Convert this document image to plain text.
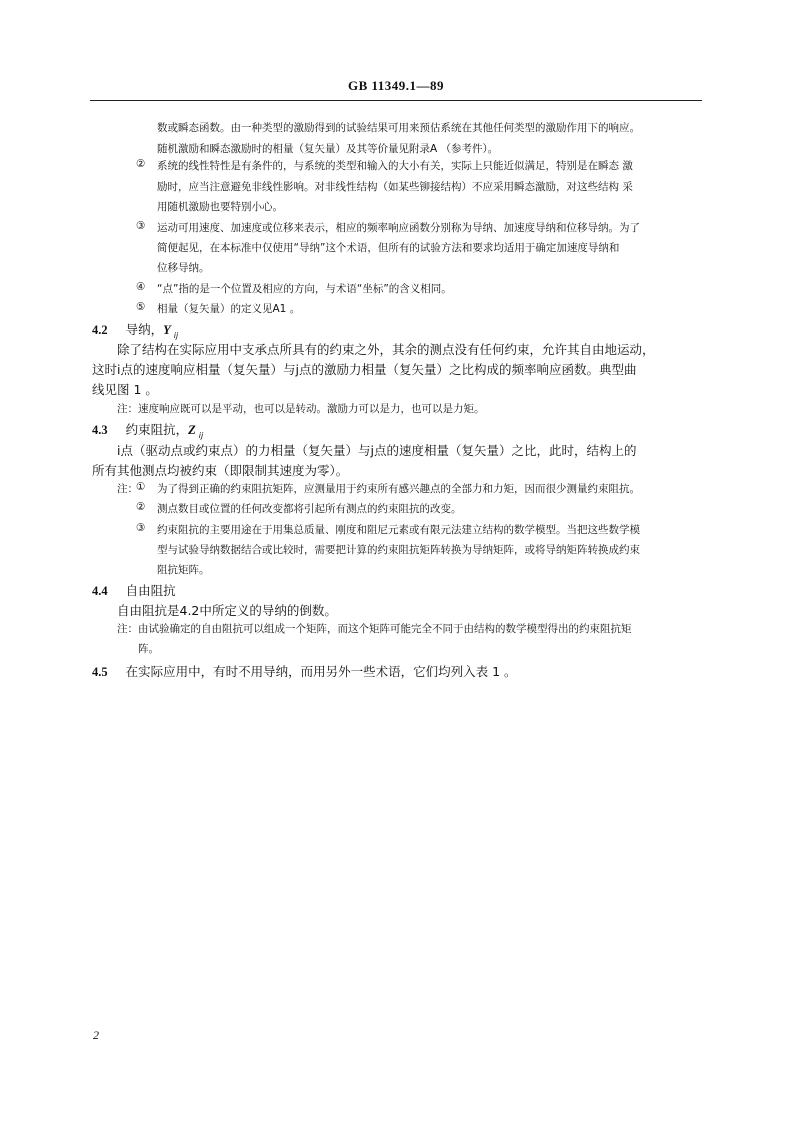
GB 11349.1—89
数或瞬态函数。由一种类型的激励得到的试验结果可用来预估系统在其他任何类型的激励作用下的响应。
随机激励和瞬态激励时的相量（复矢量）及其等价量见附录A （参考件）。
② 系统的线性特性是有条件的，与系统的类型和输入的大小有关，实际上只能近似满足，特别是在瞬态 激
励时，应当注意避免非线性影响。对非线性结构（如某些铆接结构）不应采用瞬态激励，对这些结构 采
用随机激励也要特别小心。
③ 运动可用速度、加速度或位移来表示，相应的频率响应函数分别称为导纳、加速度导纳和位移导纳。为了
简便起见，在本标准中仅使用“导纳”这个术语，但所有的试验方法和要求均适用于确定加速度导纳和
位移导纳。
④ “点”指的是一个位置及相应的方向，与术语“坐标”的含义相同。
⑤ 相量（复矢量）的定义见A1 。
4.2 导纳，Y $_{ij}$
除了结构在实际应用中支承点所具有的约束之外，其余的测点没有任何约束，允许其自由地运动，
这时i点的速度响应相量（复矢量）与j点的激励力相量（复矢量）之比构成的频率响应函数。典型曲
线见图 1 。
注：速度响应既可以是平动，也可以是转动。激励力可以是力，也可以是力矩。
4.3 约束阻抗，Z $_{ij}$
i点（驱动点或约束点）的力相量（复矢量）与j点的速度相量（复矢量）之比，此时，结构上的
所有其他测点均被约束（即限制其速度为零）。
注：
① 为了得到正确的约束阻抗矩阵，应测量用于约束所有感兴趣点的全部力和力矩，因而很少测量约束阻抗。
② 测点数目或位置的任何改变都将引起所有测点的约束阻抗的改变。
③ 约束阻抗的主要用途在于用集总质量、刚度和阻尼元素或有限元法建立结构的数学模型。当把这些数学模
型与试验导纳数据结合或比较时，需要把计算的约束阻抗矩阵转换为导纳矩阵，或将导纳矩阵转换成约束
阻抗矩阵。
4.4 自由阻抗
自由阻抗是4.2中所定义的导纳的倒数。
注：由试验确定的自由阻抗可以组成一个矩阵，而这个矩阵可能完全不同于由结构的数学模型得出的约束阻抗矩
阵。
4.5 在实际应用中，有时不用导纳，而用另外一些术语，它们均列入表 1 。
2
